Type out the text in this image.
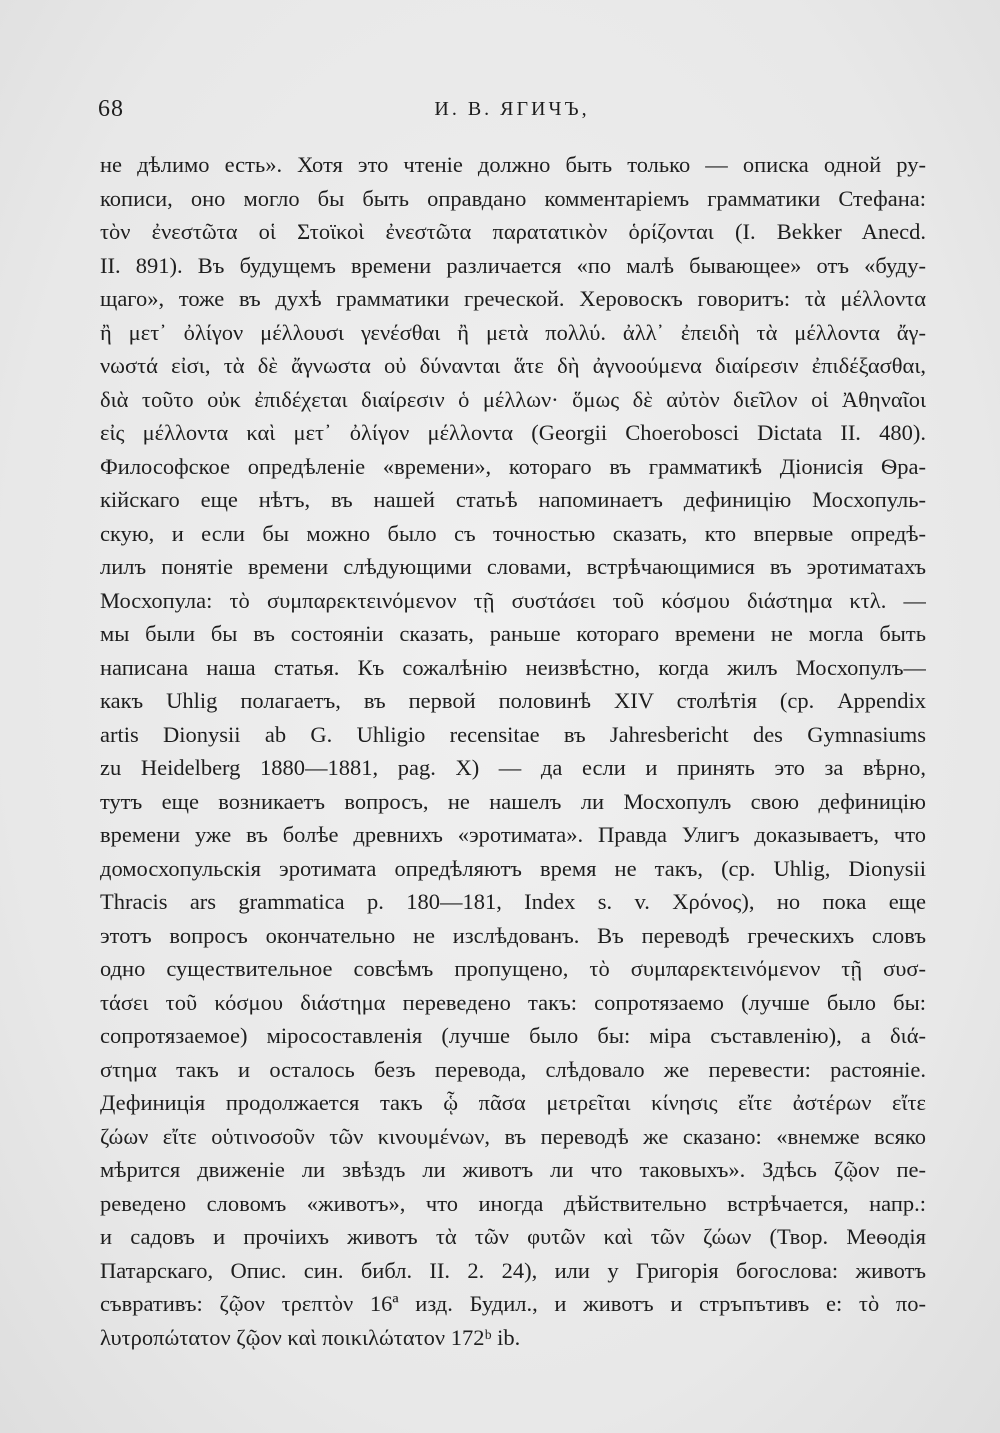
68	И. В. ЯГИЧЪ,
не дѣлимо есть». Хотя это чтеніе должно быть только — описка одной ру-
кописи, оно могло бы быть оправдано комментаріемъ грамматики Стефана:
τὸν ἐνεστῶτα οἱ Στοϊκοὶ ἐνεστῶτα παρατατικὸν ὁρίζονται (I. Bekker Anecd.
II. 891). Въ будущемъ времени различается «по малѣ бывающее» отъ «буду-
щаго», тоже въ духѣ грамматики греческой. Херовоскъ говоритъ: τὰ μέλλοντα
ἢ μετ᾽ ὀλίγον μέλλουσι γενέσθαι ἢ μετὰ πολλύ. ἀλλ᾽ ἐπειδὴ τὰ μέλλοντα ἄγ-
νωστά εἰσι, τὰ δὲ ἄγνωστα οὐ δύνανται ἅτε δὴ ἀγνοούμενα διαίρεσιν ἐπιδέξασθαι,
διὰ τοῦτο οὐκ ἐπιδέχεται διαίρεσιν ὁ μέλλων· ὅμως δὲ αὐτὸν διεῖλον οἱ Ἀθηναῖοι
εἰς μέλλοντα καὶ μετ᾽ ὀλίγον μέλλοντα (Georgii Choerobosci Dictata II. 480).
Философское опредѣленіе «времени», котораго въ грамматикѣ Діонисія Ѳра-
кійскаго еще нѣтъ, въ нашей статьѣ напоминаетъ дефиницію Мосхопуль-
скую, и если бы можно было съ точностью сказать, кто впервые опредѣ-
лилъ понятіе времени слѣдующими словами, встрѣчающимися въ эротиматахъ
Мосхопула: τὸ συμπαρεκτεινόμενον τῇ συστάσει τοῦ κόσμου διάστημα κτλ. —
мы были бы въ состояніи сказать, раньше котораго времени не могла быть
написана наша статья. Къ сожалѣнію неизвѣстно, когда жилъ Мосхопулъ—
какъ Uhlig полагаетъ, въ первой половинѣ XIV столѣтія (ср. Appendix
artis Dionysii ab G. Uhligio recensitae въ Jahresbericht des Gymnasiums
zu Heidelberg 1880—1881, pag. X) — да если и принять это за вѣрно,
тутъ еще возникаетъ вопросъ, не нашелъ ли Мосхопулъ свою дефиницію
времени уже въ болѣе древнихъ «эротимата». Правда Улигъ доказываетъ, что
домосхопульскія эротимата опредѣляютъ время не такъ, (ср. Uhlig, Dionysii
Thracis ars grammatica p. 180—181, Index s. v. Χρόνος), но пока еще
этотъ вопросъ окончательно не изслѣдованъ. Въ переводѣ греческихъ словъ
одно существительное совсѣмъ пропущено, τὸ συμπαρεκτεινόμενον τῇ συσ-
τάσει τοῦ κόσμου διάστημα переведено такъ: сопротязаемо (лучше было бы:
сопротязаемое) міросоставленія (лучше было бы: міра съставленію), а διά-
στημα такъ и осталось безъ перевода, слѣдовало же перевести: растояніе.
Дефиниція продолжается такъ ᾧ πᾶσα μετρεῖται κίνησις εἴτε ἀστέρων εἴτε
ζώων εἴτε οὑτινοσοῦν τῶν κινουμένων, въ переводѣ же сказано: «внемже всяко
мѣрится движеніе ли звѣздъ ли животъ ли что таковыхъ». Здѣсь ζῷον пе-
реведено словомъ «животъ», что иногда дѣйствительно встрѣчается, напр.:
и садовъ и прочіихъ животъ τὰ τῶν φυτῶν καὶ τῶν ζώων (Твор. Меѳодія
Патарскаго, Опис. син. библ. II. 2. 24), или у Григорія богослова: животъ
съвративъ: ζῷον τρεπτὸν 16ª изд. Будил., и животъ и стръпътивъ е: τὸ πο-
λυτροπώτατον ζῷον καὶ ποικιλώτατον 172ᵇ ib.
